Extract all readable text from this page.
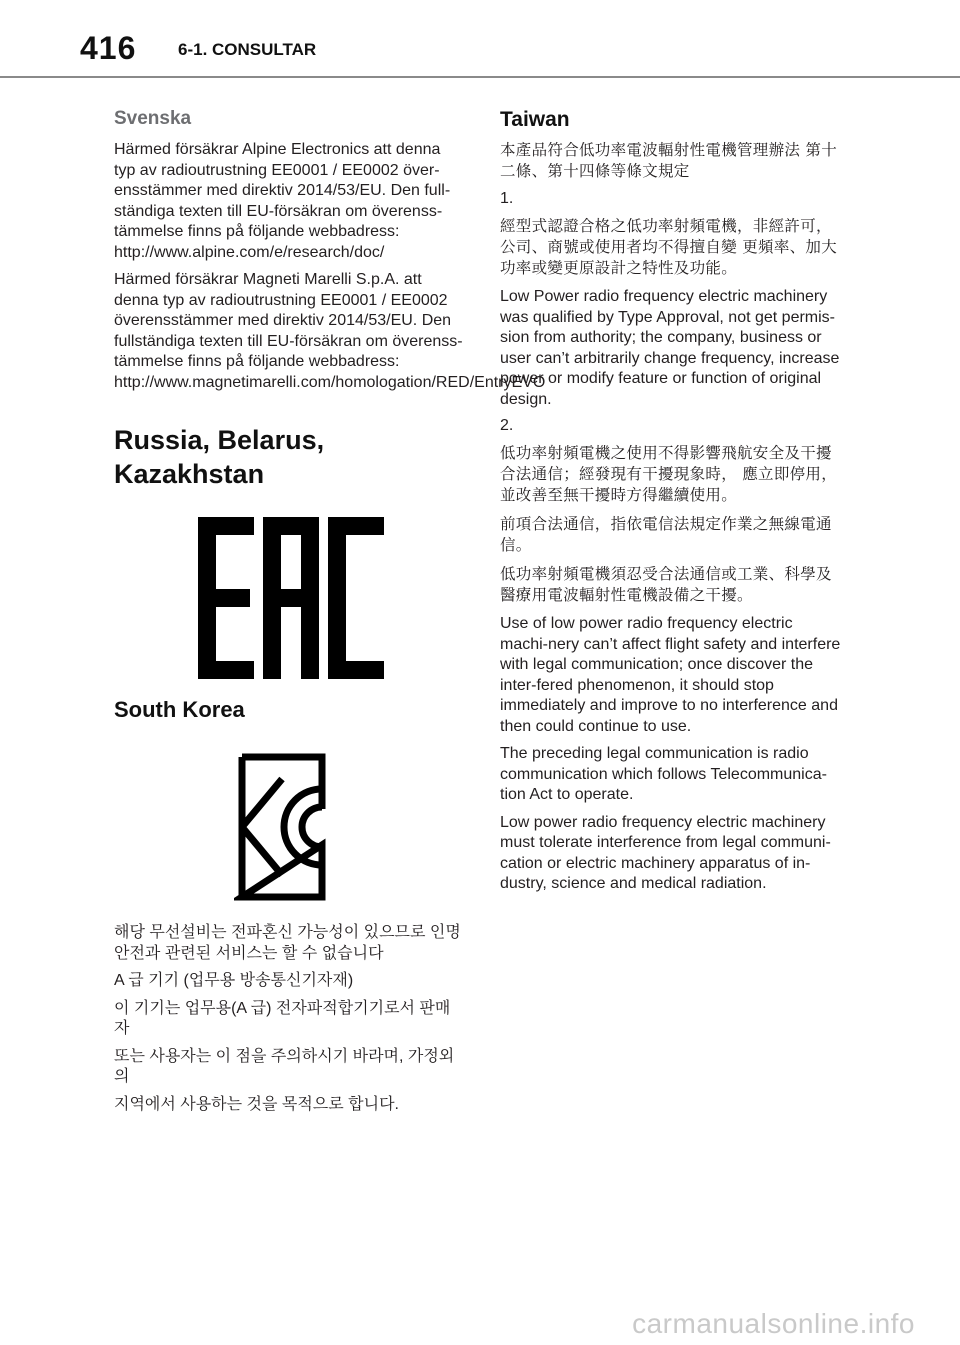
416 6-1. CONSULTAR
Svenska

Härmed försäkrar Alpine Electronics att denna typ av radioutrustning EE0001 / EE0002 över-ensstämmer med direktiv 2014/53/EU. Den full-ständiga texten till EU-försäkran om överenss-tämmelse finns på följande webbadress: http://www.alpine.com/e/research/doc/

Härmed försäkrar Magneti Marelli S.p.A. att denna typ av radioutrustning EE0001 / EE0002 överensstämmer med direktiv 2014/53/EU. Den fullständiga texten till EU-försäkran om överenss-tämmelse finns på följande webbadress: http://www.magnetimarelli.com/homologation/RED/EntryEVO

Russia, Belarus, Kazakhstan
South Korea

해당 무선설비는 전파혼신 가능성이 있으므로 인명안전과 관련된 서비스는 할 수 없습니다

A 급 기기 (업무용 방송통신기자재)

이 기기는 업무용(A 급) 전자파적합기기로서 판매자

또는 사용자는 이 점을 주의하시기 바라며, 가정외의

지역에서 사용하는 것을 목적으로 합니다.

Taiwan

本產品符合低功率電波輻射性電機管理辦法 第十二條、第十四條等條文規定

1.

經型式認證合格之低功率射頻電機，非經許可，公司、商號或使用者均不得擅自變 更頻率、加大功率或變更原設計之特性及功能。

Low Power radio frequency electric machinery was qualified by Type Approval, not get permis-sion from authority; the company, business or user can’t arbitrarily change frequency, increase power or modify feature or function of original design.

2.

低功率射頻電機之使用不得影響飛航安全及干擾合法通信；經發現有干擾現象時， 應立即停用，並改善至無干擾時方得繼續使用。

前項合法通信，指依電信法規定作業之無線電通信。

低功率射頻電機須忍受合法通信或工業、科學及醫療用電波輻射性電機設備之干擾。

Use of low power radio frequency electric machi-nery can’t affect flight safety and interfere with legal communication; once discover the inter-fered phenomenon, it should stop immediately and improve to no interference and then could continue to use.

The preceding legal communication is radio communication which follows Telecommunica-tion Act to operate.

Low power radio frequency electric machinery must tolerate interference from legal communi-cation or electric machinery apparatus of in-dustry, science and medical radiation.

carmanualsonline.info
